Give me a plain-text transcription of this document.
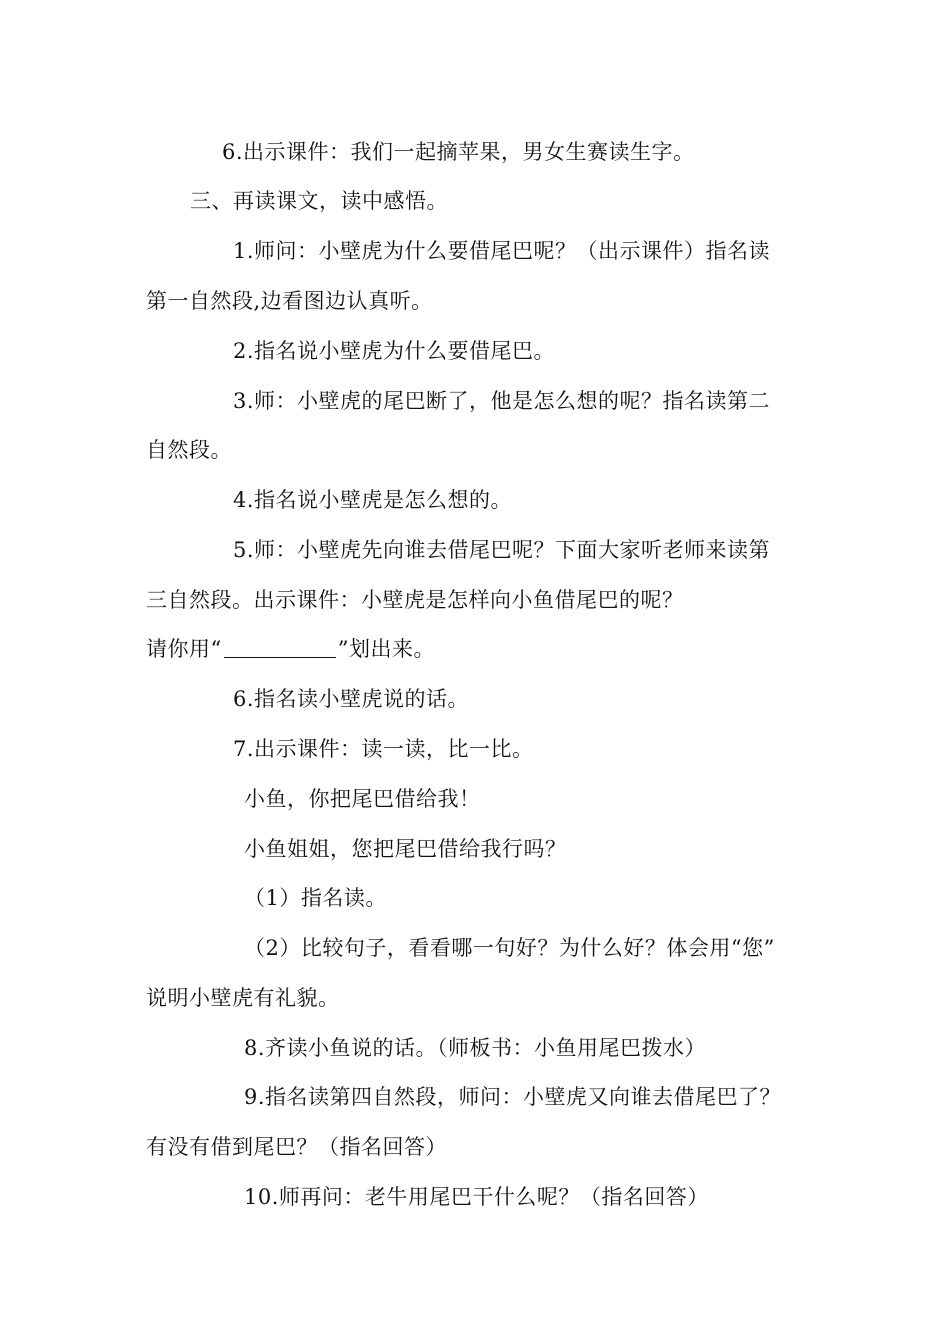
6.出示课件：我们一起摘苹果，男女生赛读生字。
三、再读课文，读中感悟。
1.师问：小壁虎为什么要借尾巴呢？（出示课件）指名读
第一自然段,边看图边认真听。
2.指名说小壁虎为什么要借尾巴。
3.师：小壁虎的尾巴断了，他是怎么想的呢？指名读第二
自然段。
4.指名说小壁虎是怎么想的。
5.师：小壁虎先向谁去借尾巴呢？下面大家听老师来读第
三自然段。出示课件：小壁虎是怎样向小鱼借尾巴的呢？
请你用“	”划出来。
6.指名读小壁虎说的话。
7.出示课件：读一读，比一比。
小鱼，你把尾巴借给我！
小鱼姐姐，您把尾巴借给我行吗？
（1）指名读。
（2）比较句子，看看哪一句好？为什么好？体会用“您”
说明小壁虎有礼貌。
8.齐读小鱼说的话。（师板书：小鱼用尾巴拨水）
9.指名读第四自然段，师问：小壁虎又向谁去借尾巴了？
有没有借到尾巴？（指名回答）
10.师再问：老牛用尾巴干什么呢？（指名回答）
